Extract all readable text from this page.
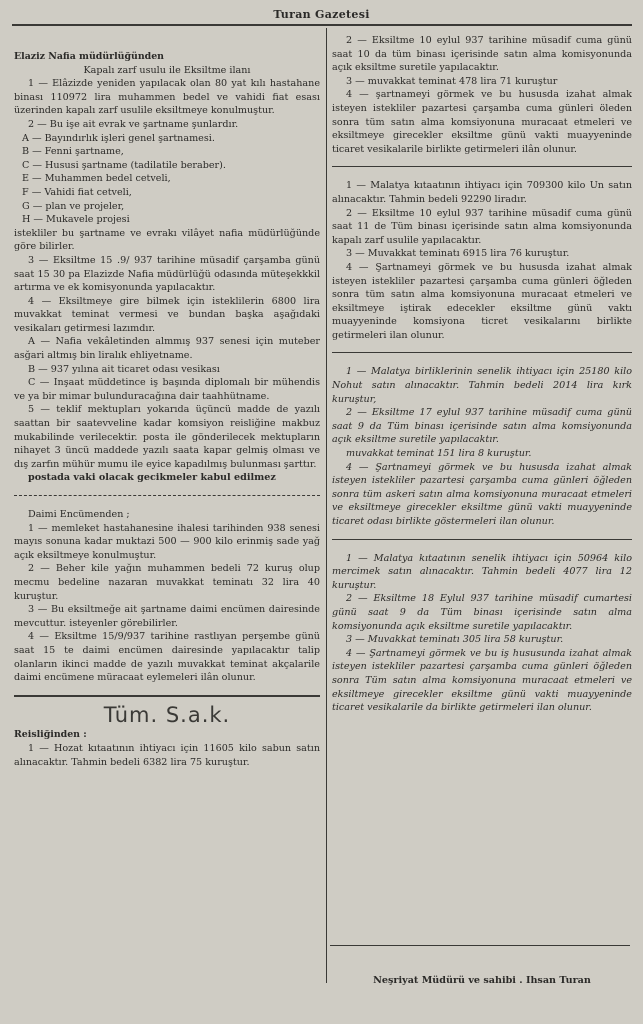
Turan Gazetesi

Elaziz Nafia müdürlüğünden

Kapalı zarf usulu ile Eksiltme ilanı

1 — Elâzizde yeniden yapılacak olan 80 yat kılı hastahane binası 110972 lira muhammen bedel ve vahidi fiat esası üzerinden kapalı zarf usulile eksiltmeye konulmuştur.

2 — Bu işe ait evrak ve şartname şunlardır.

A — Bayındırlık işleri genel şartnamesi.

B — Fenni şartname,

C — Hususi şartname (tadilatile beraber).

E — Muhammen bedel cetveli,

F — Vahidi fiat cetveli,

G — plan ve projeler,

H — Mukavele projesi

istekliler bu şartname ve evrakı vilâyet nafia müdürlüğünde göre bilirler.

3 — Eksiltme 15 .9/ 937 tarihine müsadif çarşamba günü saat 15 30 pa Elazizde Nafia müdürlüğü odasında müteşekkkil artırma ve ek komisyonunda yapılacaktır.

4 — Eksiltmeye gire bilmek için isteklilerin 6800 lira muvakkat teminat vermesi ve bundan başka aşağıdaki vesikaları getirmesi lazımdır.

A — Nafia vekâletinden almmış 937 senesi için muteber asğari altmış bin liralık ehliyetname.

B — 937 yılına ait ticaret odası vesikası

C — Inşaat müddetince iş başında diplomalı bir mühendis ve ya bir mimar bulunduracağına dair taahhütname.

5 — teklif mektupları yokarıda üçüncü madde de yazılı saattan bir saatevveline kadar komsiyon reisliğine makbuz mukabilinde verilecektir. posta ile gönderilecek mektupların nihayet 3 üncü maddede yazılı saata kapar gelmiş olması ve dış zarfın mühür mumu ile eyice kapadılmış bulunması şarttır.

postada vaki olacak gecikmeler kabul edilmez

Daimi Encümenden ;

1 — memleket hastahanesine ihalesi tarihinden 938 senesi mayıs sonuna kadar muktazi 500 — 900 kilo erinmiş sade yağ açık eksiltmeye konulmuştur.

2 — Beher kile yağın muhammen bedeli 72 kuruş olup mecmu bedeline nazaran muvakkat teminatı 32 lira 40 kuruştur.

3 — Bu eksiltmeğe ait şartname daimi encümen dairesinde mevcuttur. isteyenler görebilirler.

4 — Eksiltme 15/9/937 tarihine rastlıyan perşembe günü saat 15 te daimi encümen dairesinde yapılacaktır talip olanların ikinci madde de yazılı muvakkat teminat akçalarile daimi encümene müracaat eylemeleri ilân olunur.

Tüm. S.a.k.

Reisliğinden :

1 — Hozat kıtaatının ihtiyacı için 11605 kilo sabun satın alınacaktır. Tahmin bedeli 6382 lira 75 kuruştur.

2 — Eksiltme 10 eylul 937 tarihine müsadif cuma günü saat 10 da tüm binası içerisinde satın alma komisyonunda açık eksiltme suretile yapılacaktır.

3 — muvakkat teminat 478 lira 71 kuruştur

4 — şartnameyi görmek ve bu hususda izahat almak isteyen istekliler pazartesi çarşamba cuma günleri öleden sonra tüm satın alma komsiyonuna muracaat etmeleri ve eksiltmeye girecekler eksiltme günü vakti muayyeninde ticaret vesikalarile birlikte getirmeleri ilân olunur.

1 — Malatya kıtaatının ihtiyacı için 709300 kilo Un satın alınacaktır. Tahmin bedeli 92290 liradır.

2 — Eksiltme 10 eylul 937 tarihine müsadif cuma günü saat 11 de Tüm binası içerisinde satın alma komsiyonunda kapalı zarf usulile yapılacaktır.

3 — Muvakkat teminatı 6915 lira 76 kuruştur.

4 — Şartnameyi görmek ve bu hususda izahat almak isteyen istekliler pazartesi çarşamba cuma günleri öğleden sonra tüm satın alma komsiyonuna muracaat etmeleri ve eksiltmeye iştirak edecekler eksiltme günü vaktı muayyeninde komsiyona ticret vesikalarını birlikte getirmeleri ilan olunur.

1 — Malatya birliklerinin senelik ihtiyacı için 25180 kilo Nohut satın alınacaktır. Tahmin bedeli 2014 lira kırk kuruştur,

2 — Eksiltme 17 eylul 937 tarihine müsadif cuma günü saat 9 da Tüm binası içerisinde satın alma komsiyonunda açık eksiltme suretile yapılacaktır.

muvakkat teminat 151 lira 8 kuruştur.

4 — Şartnameyi görmek ve bu hususda izahat almak isteyen istekliler pazartesi çarşamba cuma günleri öğleden sonra tüm askeri satın alma komsiyonuna muracaat etmeleri ve eksiltmeye girecekler eksiltme günü vakti muayyeninde ticaret odası birlikte göstermeleri ilan olunur.

1 — Malatya kıtaatının senelik ihtiyacı için 50964 kilo mercimek satın alınacaktır. Tahmin bedeli 4077 lira 12 kuruştur.

2 — Eksiltme 18 Eylul 937 tarihine müsadif cumartesi günü saat 9 da Tüm binası içerisinde satın alma komsiyonunda açık eksiltme suretile yapılacaktır.

3 — Muvakkat teminatı 305 lira 58 kuruştur.

4 — Şartnameyi görmek ve bu iş hususunda izahat almak isteyen istekliler pazartesi çarşamba cuma günleri öğleden sonra Tüm satın alma komsiyonuna muracaat etmeleri ve eksiltmeye girecekler eksiltme günü vakti muayyeninde ticaret vesikalarile da birlikte getirmeleri ilan olunur.

Neşriyat Müdürü ve sahibi . Ihsan Turan
